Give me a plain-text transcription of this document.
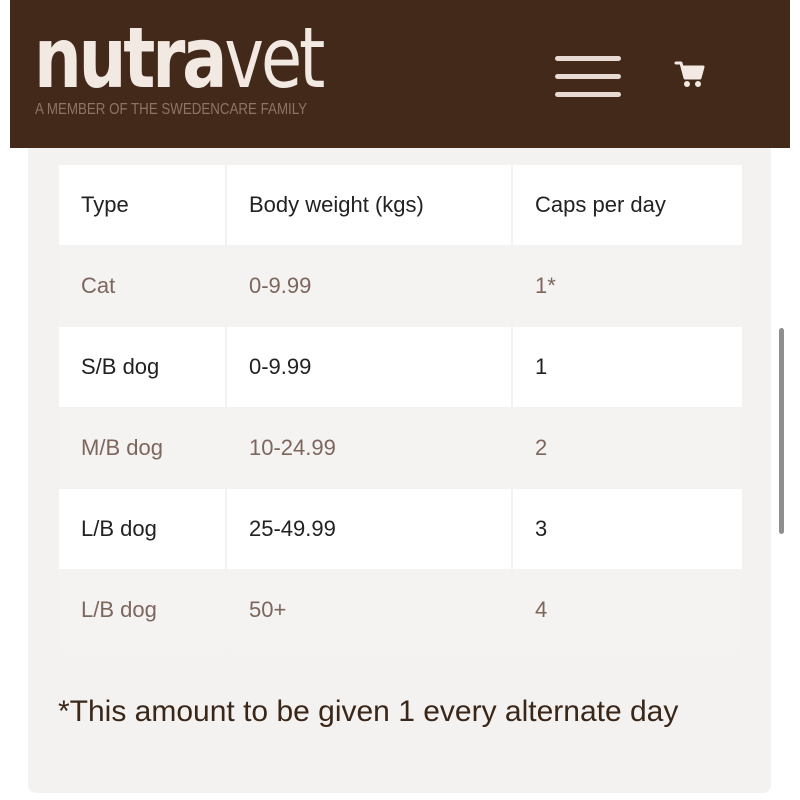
nutravet
A MEMBER OF THE SWEDENCARE FAMILY
Type	Body weight (kgs)	Caps per day
Cat	0-9.99	1*
S/B dog	0-9.99	1
M/B dog	10-24.99	2
L/B dog	25-49.99	3
L/B dog	50+	4
*This amount to be given 1 every alternate day
